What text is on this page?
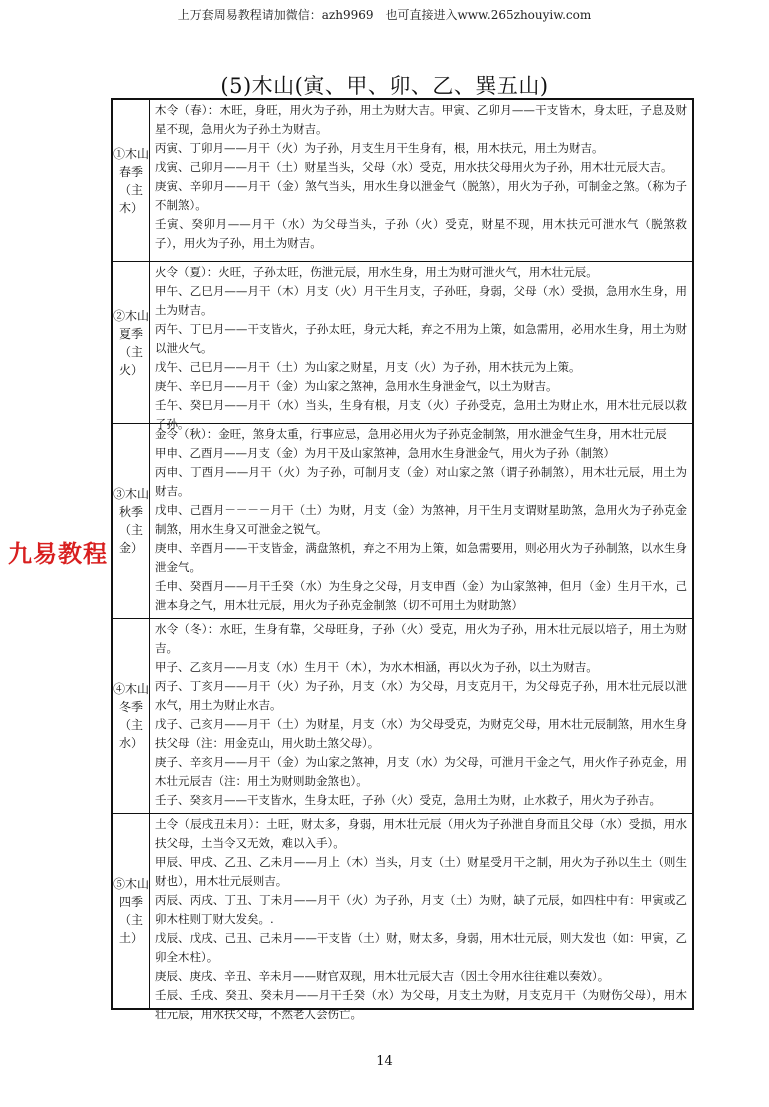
上万套周易教程请加微信：azh9969　也可直接进入www.265zhouyiw.com
(5)木山(寅、甲、卯、乙、巽五山)
①木山
春季
（主木）

木令（春）：木旺，身旺，用火为子孙，用土为财大吉。甲寅、乙卯月——干支皆木，身太旺，子息及财星不现，急用火为子孙土为财吉。

丙寅、丁卯月——月干（火）为子孙，月支生月干生身有，根，用木扶元，用土为财吉。

戊寅、己卯月——月干（土）财星当头，父母（水）受克，用水扶父母用火为子孙，用木壮元辰大吉。

庚寅、辛卯月——月干（金）煞气当头，用水生身以泄金气（脱煞），用火为子孙，可制金之煞。（称为子不制煞）。

壬寅、癸卯月——月干（水）为父母当头，子孙（火）受克，财星不现，用木扶元可泄水气（脱煞救子），用火为子孙，用土为财吉。

②木山
夏季
（主火）

火令（夏）：火旺，子孙太旺，伤泄元辰，用水生身，用土为财可泄火气，用木壮元辰。

甲午、乙巳月——月干（木）月支（火）月干生月支，子孙旺，身弱，父母（水）受损，急用水生身，用土为财吉。

丙午、丁巳月——干支皆火，子孙太旺，身元大耗，弃之不用为上策，如急需用，必用水生身，用土为财以泄火气。

戊午、己巳月——月干（土）为山家之财星，月支（火）为子孙，用木扶元为上策。

庚午、辛巳月——月干（金）为山家之煞神，急用水生身泄金气，以土为财吉。

壬午、癸巳月——月干（水）当头，生身有根，月支（火）子孙受克，急用土为财止水，用木壮元辰以救子孙。

③木山
秋季
（主金）

金令（秋）：金旺，煞身太重，行事应忌，急用必用火为子孙克金制煞，用水泄金气生身，用木壮元辰

甲申、乙酉月——月支（金）为月干及山家煞神，急用水生身泄金气，用火为子孙（制煞）

丙申、丁酉月——月干（火）为子孙，可制月支（金）对山家之煞（谓子孙制煞），用木壮元辰，用土为财吉。

戊申、己酉月－－－－月干（土）为财，月支（金）为煞神，月干生月支谓财星助煞，急用火为子孙克金制煞，用水生身又可泄金之锐气。

庚申、辛酉月——干支皆金，满盘煞机，弃之不用为上策，如急需要用，则必用火为子孙制煞，以水生身泄金气。

壬申、癸酉月——月干壬癸（水）为生身之父母，月支申酉（金）为山家煞神，但月（金）生月干水，己泄本身之气，用木壮元辰，用火为子孙克金制煞（切不可用土为财助煞）

④木山
冬季
（主水）

水令（冬）：水旺，生身有靠，父母旺身，子孙（火）受克，用火为子孙，用木壮元辰以培子，用土为财吉。

甲子、乙亥月——月支（水）生月干（木），为水木相涵，再以火为子孙，以土为财吉。

丙子、丁亥月——月干（火）为子孙，月支（水）为父母，月支克月干，为父母克子孙，用木壮元辰以泄水气，用土为财止水吉。

戊子、己亥月——月干（土）为财星，月支（水）为父母受克，为财克父母，用木壮元辰制煞，用水生身扶父母（注：用金克山，用火助土煞父母）。

庚子、辛亥月——月干（金）为山家之煞神，月支（水）为父母，可泄月干金之气，用火作子孙克金，用木壮元辰吉（注：用土为财则助金煞也）。

壬子、癸亥月——干支皆水，生身太旺，子孙（火）受克，急用土为财，止水救子，用火为子孙吉。

⑤木山
四季
（主土）

土令（辰戌丑未月）：土旺，财太多，身弱，用木壮元辰（用火为子孙泄自身而且父母（水）受损，用水扶父母，土当令又无效，难以入手）。

甲辰、甲戌、乙丑、乙未月——月上（木）当头，月支（土）财星受月干之制，用火为子孙以生土（则生财也），用木壮元辰则吉。

丙辰、丙戌、丁丑、丁未月——月干（火）为子孙，月支（土）为财，缺了元辰，如四柱中有：甲寅或乙卯木柱则丁财大发矣。.

戊辰、戊戌、己丑、己未月——干支皆（土）财，财太多，身弱，用木壮元辰，则大发也（如：甲寅，乙卯全木柱）。

庚辰、庚戌、辛丑、辛未月——财官双现，用木壮元辰大吉（因土令用水往往难以奏效）。

壬辰、壬戌、癸丑、癸未月——月干壬癸（水）为父母，月支土为财，月支克月干（为财伤父母），用木壮元辰，用水扶父母，不然老人会伤亡。

九易教程
14
